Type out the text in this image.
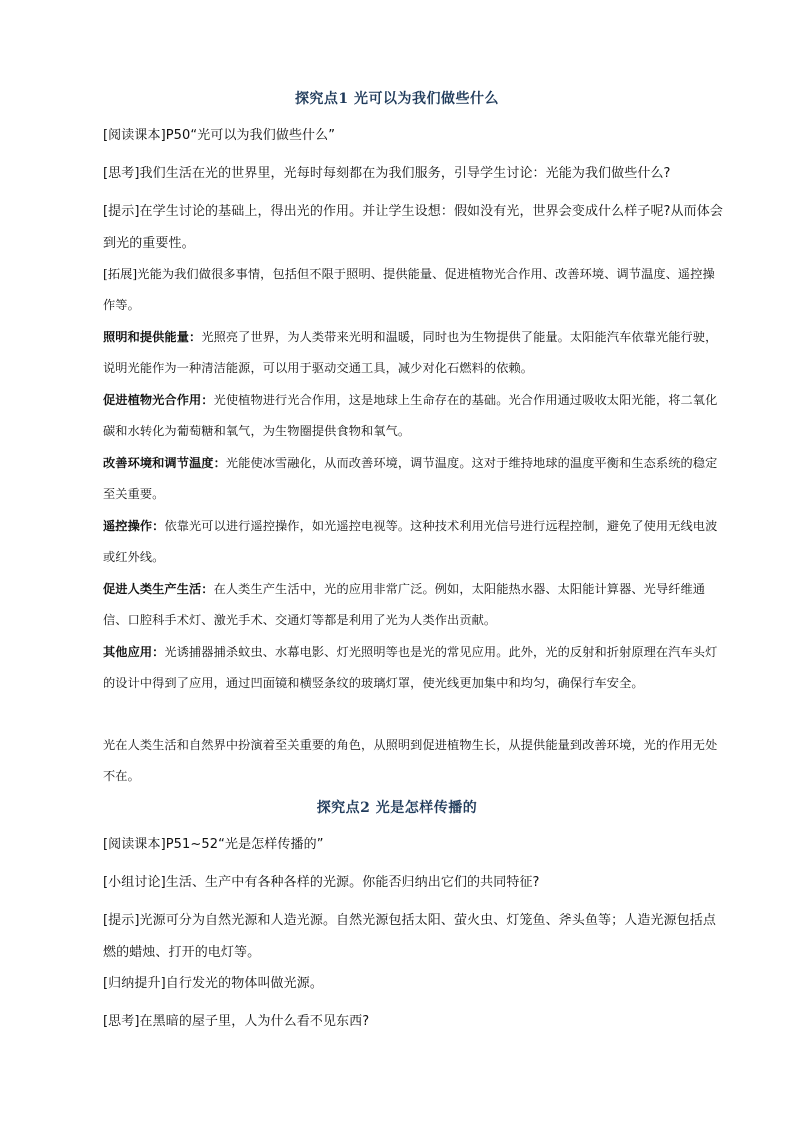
探究点1 光可以为我们做些什么
[阅读课本]P50“光可以为我们做些什么”
[思考]我们生活在光的世界里，光每时每刻都在为我们服务，引导学生讨论：光能为我们做些什么?
[提示]在学生讨论的基础上，得出光的作用。并让学生设想：假如没有光，世界会变成什么样子呢?从而体会到光的重要性。
[拓展]光能为我们做很多事情，包括但不限于照明、提供能量、促进植物光合作用、改善环境、调节温度、遥控操作等。
照明和提供能量：光照亮了世界，为人类带来光明和温暖，同时也为生物提供了能量。太阳能汽车依靠光能行驶，说明光能作为一种清洁能源，可以用于驱动交通工具，减少对化石燃料的依赖。
促进植物光合作用：光使植物进行光合作用，这是地球上生命存在的基础。光合作用通过吸收太阳光能，将二氧化碳和水转化为葡萄糖和氧气，为生物圈提供食物和氧气。
改善环境和调节温度：光能使冰雪融化，从而改善环境，调节温度。这对于维持地球的温度平衡和生态系统的稳定至关重要。
遥控操作：依靠光可以进行遥控操作，如光遥控电视等。这种技术利用光信号进行远程控制，避免了使用无线电波或红外线。
促进人类生产生活：在人类生产生活中，光的应用非常广泛。例如，太阳能热水器、太阳能计算器、光导纤维通信、口腔科手术灯、激光手术、交通灯等都是利用了光为人类作出贡献。
其他应用：光诱捕器捕杀蚊虫、水幕电影、灯光照明等也是光的常见应用。此外，光的反射和折射原理在汽车头灯的设计中得到了应用，通过凹面镜和横竖条纹的玻璃灯罩，使光线更加集中和均匀，确保行车安全。
光在人类生活和自然界中扮演着至关重要的角色，从照明到促进植物生长，从提供能量到改善环境，光的作用无处不在。
探究点2 光是怎样传播的
[阅读课本]P51~52“光是怎样传播的”
[小组讨论]生活、生产中有各种各样的光源。你能否归纳出它们的共同特征?
[提示]光源可分为自然光源和人造光源。自然光源包括太阳、萤火虫、灯笼鱼、斧头鱼等；人造光源包括点燃的蜡烛、打开的电灯等。
[归纳提升]自行发光的物体叫做光源。
[思考]在黑暗的屋子里，人为什么看不见东西?
